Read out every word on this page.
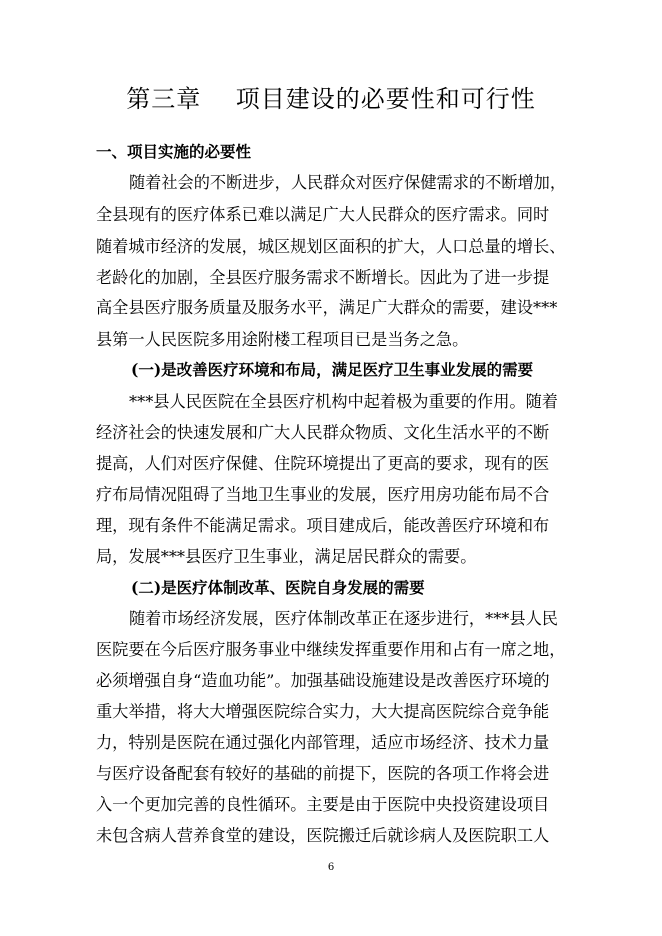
第三章    项目建设的必要性和可行性
一、项目实施的必要性
随着社会的不断进步，人民群众对医疗保健需求的不断增加，
全县现有的医疗体系已难以满足广大人民群众的医疗需求。同时
随着城市经济的发展，城区规划区面积的扩大，人口总量的增长、
老龄化的加剧，全县医疗服务需求不断增长。因此为了进一步提
高全县医疗服务质量及服务水平，满足广大群众的需要，建设***
县第一人民医院多用途附楼工程项目已是当务之急。
(一)是改善医疗环境和布局，满足医疗卫生事业发展的需要
***县人民医院在全县医疗机构中起着极为重要的作用。随着
经济社会的快速发展和广大人民群众物质、文化生活水平的不断
提高，人们对医疗保健、住院环境提出了更高的要求，现有的医
疗布局情况阻碍了当地卫生事业的发展，医疗用房功能布局不合
理，现有条件不能满足需求。项目建成后，能改善医疗环境和布
局，发展***县医疗卫生事业，满足居民群众的需要。
(二)是医疗体制改革、医院自身发展的需要
随着市场经济发展，医疗体制改革正在逐步进行，***县人民
医院要在今后医疗服务事业中继续发挥重要作用和占有一席之地，
必须增强自身“造血功能”。加强基础设施建设是改善医疗环境的
重大举措，将大大增强医院综合实力，大大提高医院综合竞争能
力，特别是医院在通过强化内部管理，适应市场经济、技术力量
与医疗设备配套有较好的基础的前提下，医院的各项工作将会进
入一个更加完善的良性循环。主要是由于医院中央投资建设项目
未包含病人营养食堂的建设，医院搬迁后就诊病人及医院职工人
6
